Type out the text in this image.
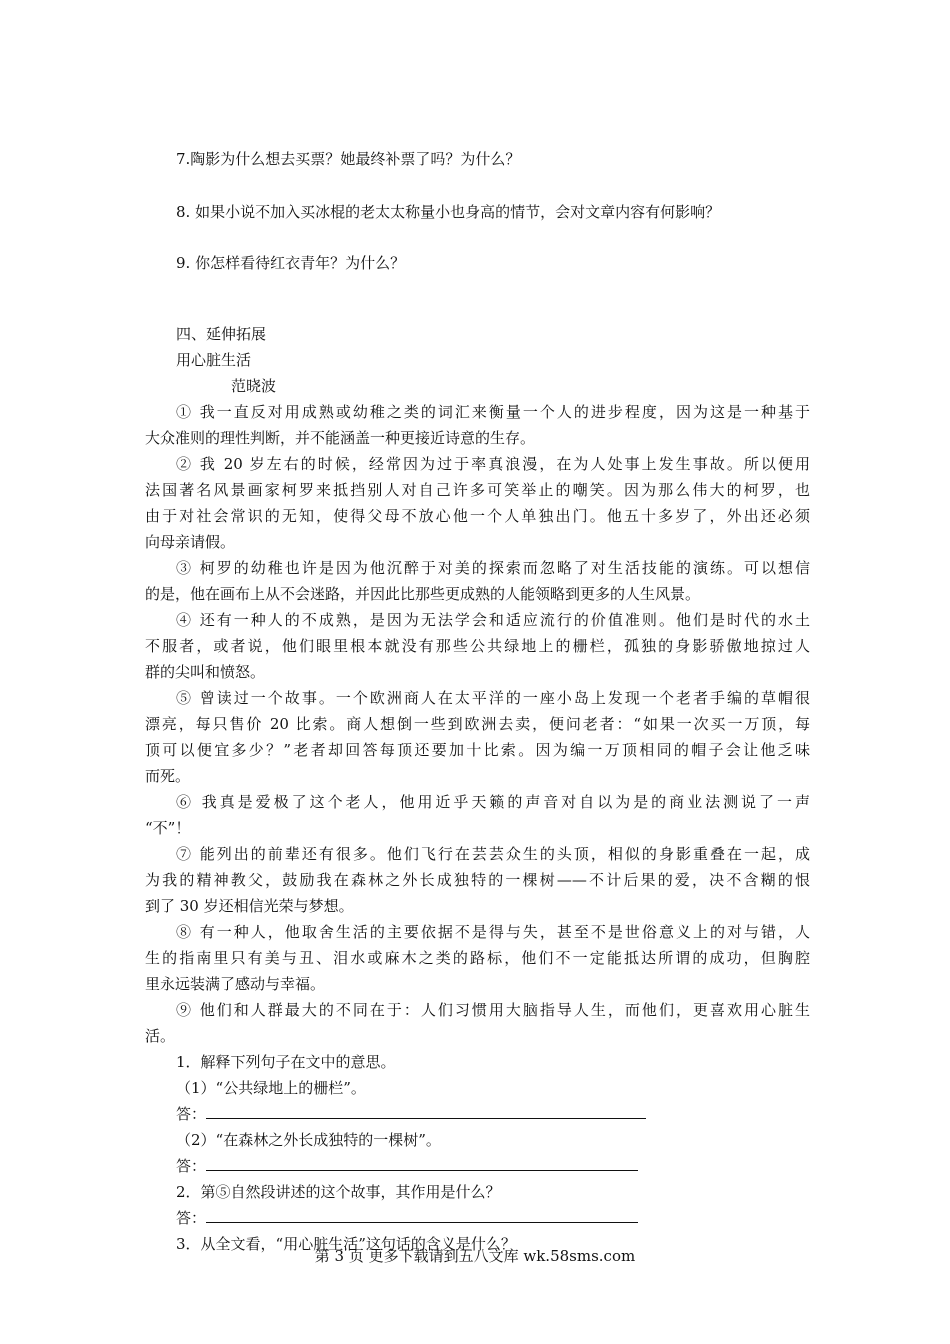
7.陶影为什么想去买票？她最终补票了吗？为什么？
8. 如果小说不加入买冰棍的老太太称量小也身高的情节，会对文章内容有何影响？
9. 你怎样看待红衣青年？为什么？
四、延伸拓展
用心脏生活
范晓波
① 我一直反对用成熟或幼稚之类的词汇来衡量一个人的进步程度，因为这是一种基于
大众准则的理性判断，并不能涵盖一种更接近诗意的生存。
② 我 20 岁左右的时候，经常因为过于率真浪漫，在为人处事上发生事故。所以便用
法国著名风景画家柯罗来抵挡别人对自己许多可笑举止的嘲笑。因为那么伟大的柯罗，也
由于对社会常识的无知，使得父母不放心他一个人单独出门。他五十多岁了，外出还必须
向母亲请假。
③ 柯罗的幼稚也许是因为他沉醉于对美的探索而忽略了对生活技能的演练。可以想信
的是，他在画布上从不会迷路，并因此比那些更成熟的人能领略到更多的人生风景。
④ 还有一种人的不成熟，是因为无法学会和适应流行的价值准则。他们是时代的水土
不服者，或者说，他们眼里根本就没有那些公共绿地上的栅栏，孤独的身影骄傲地掠过人
群的尖叫和愤怒。
⑤ 曾读过一个故事。一个欧洲商人在太平洋的一座小岛上发现一个老者手编的草帽很
漂亮，每只售价 20 比索。商人想倒一些到欧洲去卖，便问老者：“如果一次买一万顶，每
顶可以便宜多少？”老者却回答每顶还要加十比索。因为编一万顶相同的帽子会让他乏味
而死。
⑥ 我真是爱极了这个老人，他用近乎天籁的声音对自以为是的商业法测说了一声
“不”！
⑦ 能列出的前辈还有很多。他们飞行在芸芸众生的头顶，相似的身影重叠在一起，成
为我的精神教父，鼓励我在森林之外长成独特的一棵树——不计后果的爱，决不含糊的恨
到了 30 岁还相信光荣与梦想。
⑧ 有一种人，他取舍生活的主要依据不是得与失，甚至不是世俗意义上的对与错，人
生的指南里只有美与丑、泪水或麻木之类的路标，他们不一定能抵达所谓的成功，但胸腔
里永远装满了感动与幸福。
⑨ 他们和人群最大的不同在于：人们习惯用大脑指导人生，而他们，更喜欢用心脏生
活。
1．解释下列句子在文中的意思。
（1）“公共绿地上的栅栏”。
答：
（2）“在森林之外长成独特的一棵树”。
答：
2．第⑤自然段讲述的这个故事，其作用是什么？
答：
3．从全文看，“用心脏生活”这句话的含义是什么？
第 3 页 更多下载请到五八文库 wk.58sms.com
